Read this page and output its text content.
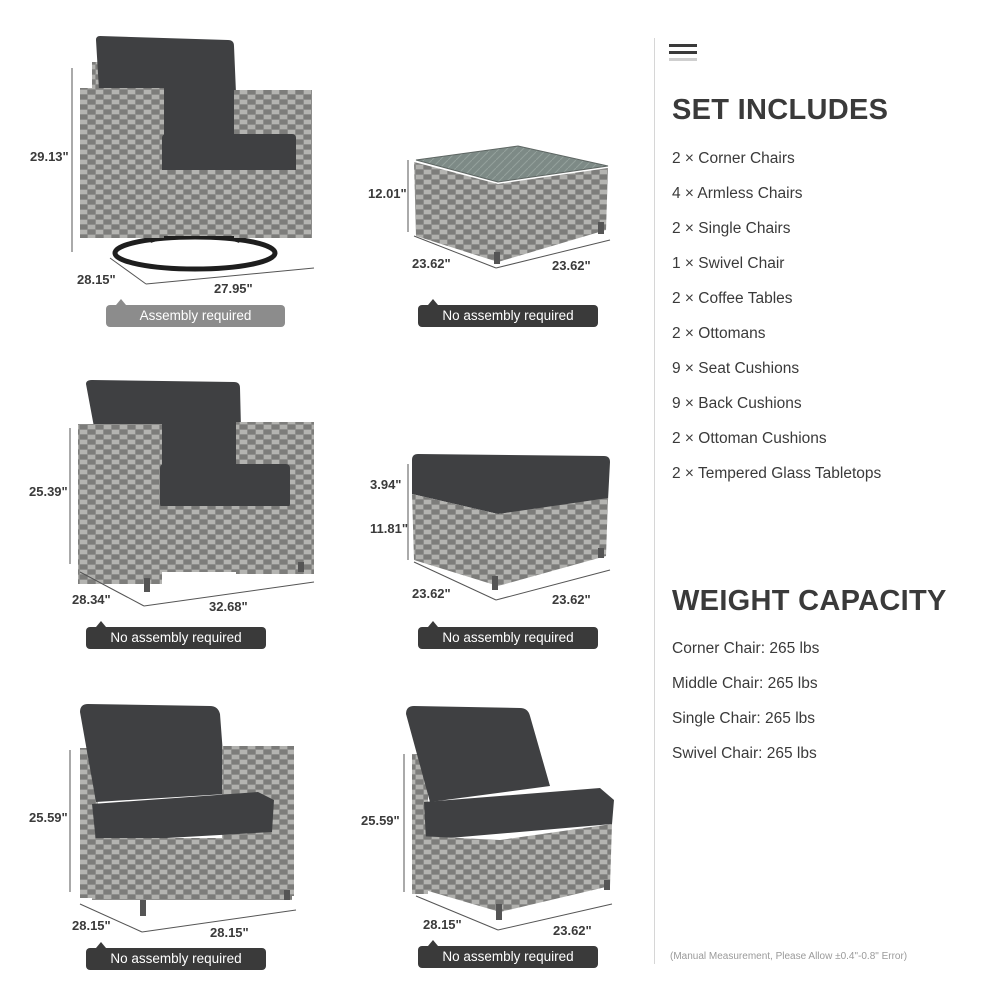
29.13"
28.15"
27.95"
Assembly required
12.01"
23.62"	23.62"
No assembly required
25.39"
28.34"	32.68"
No assembly required
3.94"
11.81"
23.62"	23.62"
No assembly required
25.59"
28.15"	28.15"
No assembly required
25.59"
28.15"	23.62"
No assembly required
SET INCLUDES
2 × Corner Chairs
4 × Armless Chairs
2 × Single Chairs
1 × Swivel Chair
2 × Coffee Tables
2 × Ottomans
9 × Seat Cushions
9 × Back Cushions
2 × Ottoman Cushions
2 × Tempered Glass Tabletops
WEIGHT CAPACITY
Corner Chair: 265 lbs
Middle Chair: 265 lbs
Single Chair: 265 lbs
Swivel Chair: 265 lbs
(Manual Measurement, Please Allow ±0.4"-0.8" Error)
